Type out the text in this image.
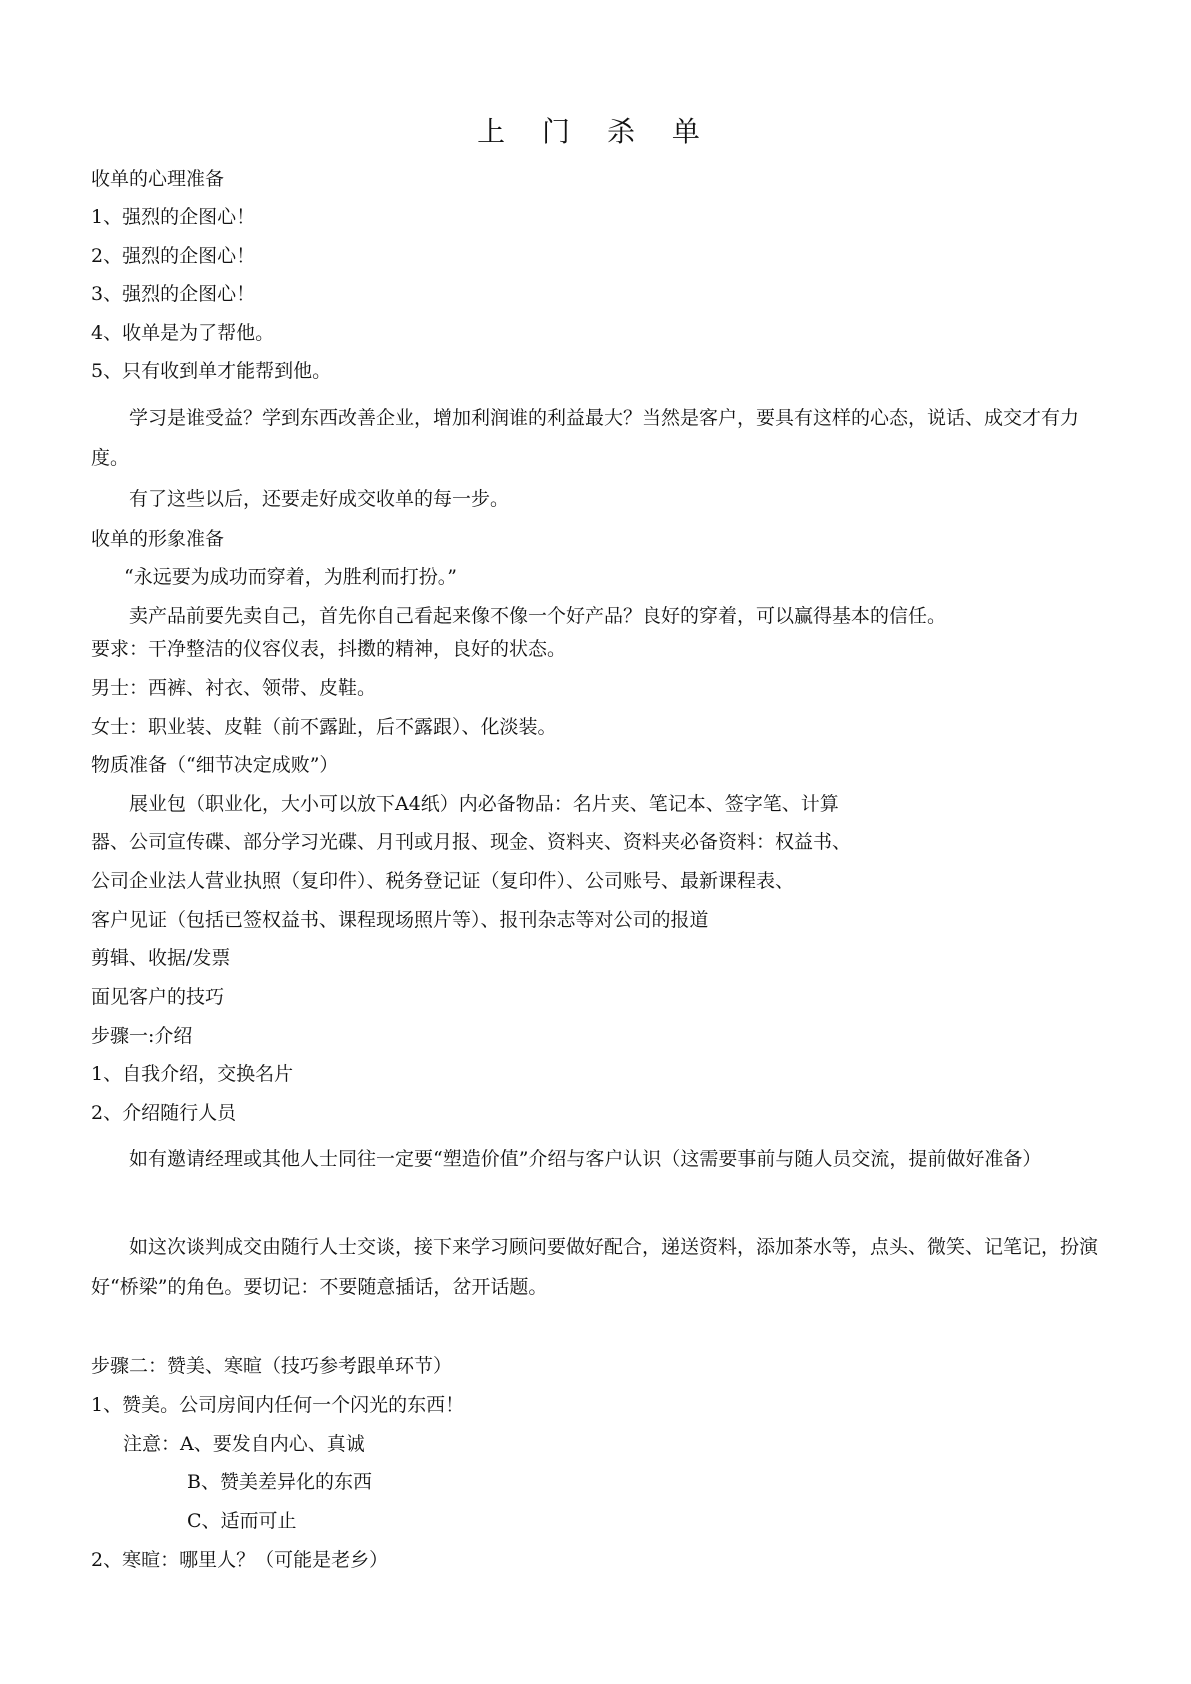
上 门 杀 单
收单的心理准备
1、强烈的企图心！
2、强烈的企图心！
3、强烈的企图心！
4、收单是为了帮他。
5、只有收到单才能帮到他。
学习是谁受益？学到东西改善企业，增加利润谁的利益最大？当然是客户，要具有这样的心态，说话、成交才有力度。
有了这些以后，还要走好成交收单的每一步。
收单的形象准备
“永远要为成功而穿着，为胜利而打扮。”
卖产品前要先卖自己，首先你自己看起来像不像一个好产品？良好的穿着，可以赢得基本的信任。
要求：干净整洁的仪容仪表，抖擞的精神，良好的状态。
男士：西裤、衬衣、领带、皮鞋。
女士：职业装、皮鞋（前不露趾，后不露跟）、化淡装。
物质准备（“细节决定成败”）
展业包（职业化，大小可以放下A4纸）内必备物品：名片夹、笔记本、签字笔、计算
器、公司宣传碟、部分学习光碟、月刊或月报、现金、资料夹、资料夹必备资料：权益书、
公司企业法人营业执照（复印件）、税务登记证（复印件）、公司账号、最新课程表、
客户见证（包括已签权益书、课程现场照片等）、报刊杂志等对公司的报道
剪辑、收据/发票
面见客户的技巧
步骤一:介绍
1、自我介绍，交换名片
2、介绍随行人员
如有邀请经理或其他人士同往一定要“塑造价值”介绍与客户认识（这需要事前与随人员交流，提前做好准备）
如这次谈判成交由随行人士交谈，接下来学习顾问要做好配合，递送资料，添加茶水等，点头、微笑、记笔记，扮演好“桥梁”的角色。要切记：不要随意插话，岔开话题。
步骤二：赞美、寒暄（技巧参考跟单环节）
1、赞美。公司房间内任何一个闪光的东西！
注意：A、要发自内心、真诚
B、赞美差异化的东西
C、适而可止
2、寒暄：哪里人？（可能是老乡）
